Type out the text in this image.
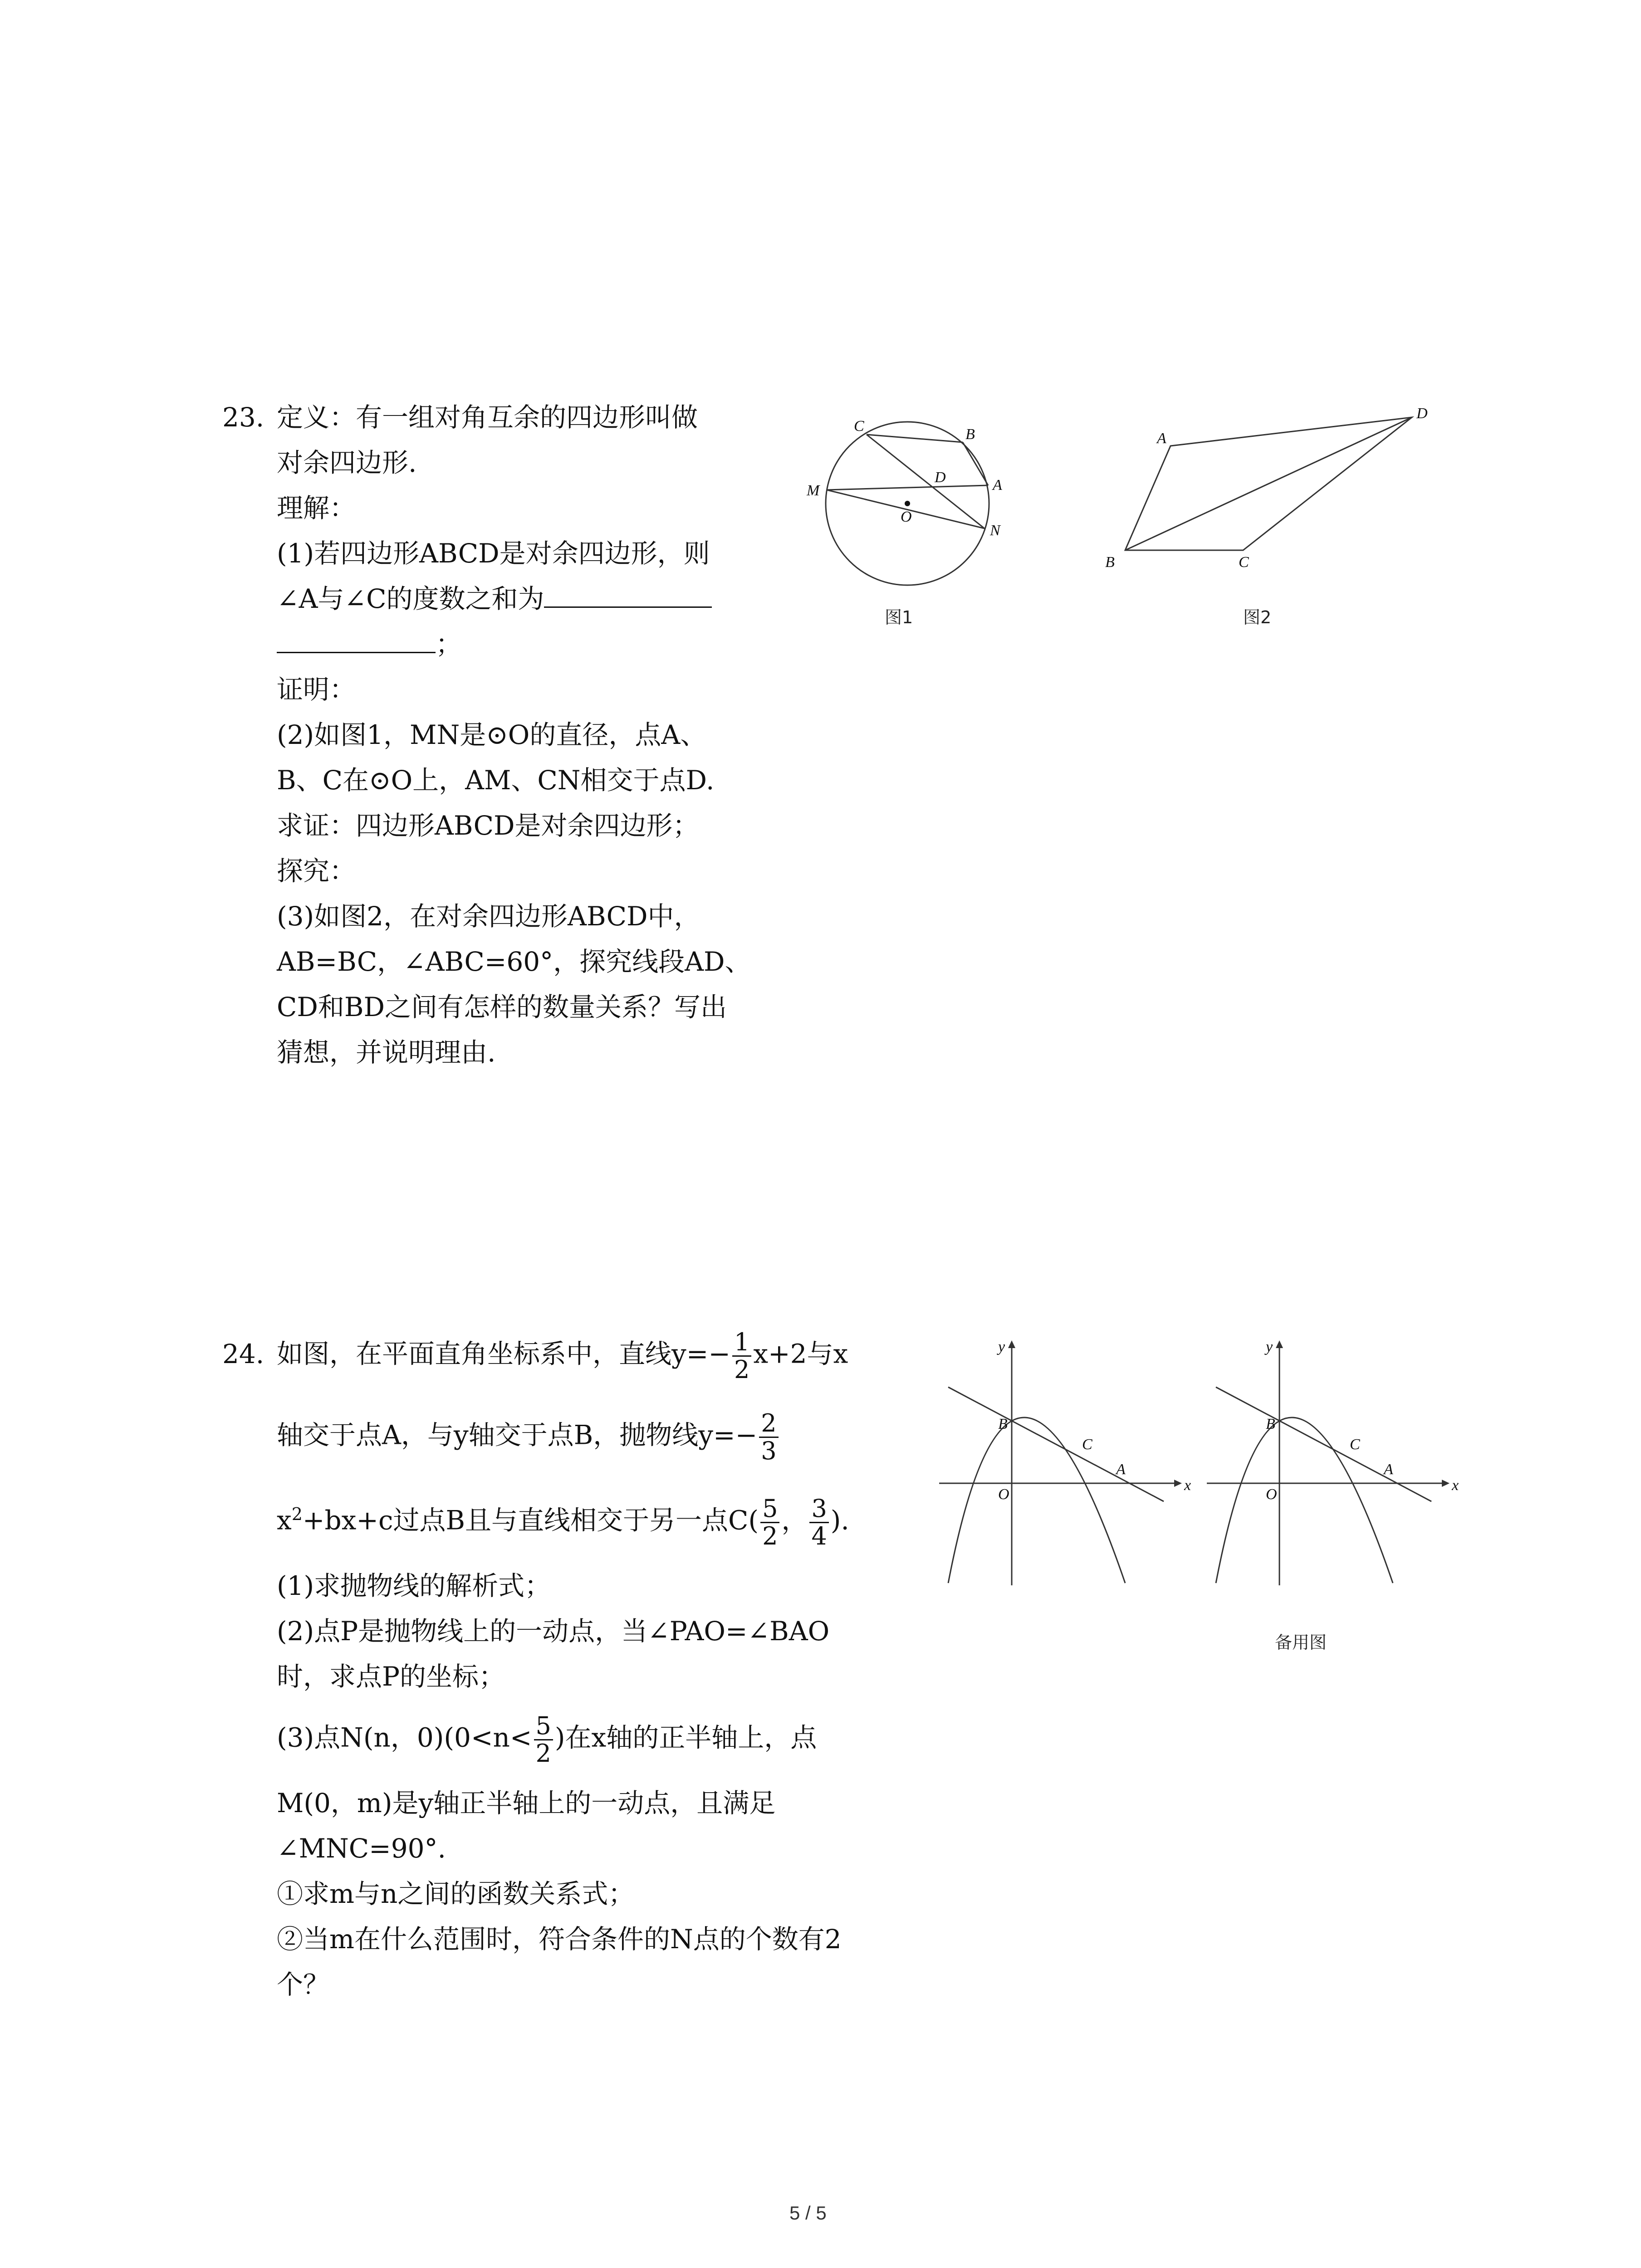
23. 定义：有一组对角互余的四边形叫做
对余四边形.
理解：
(1)若四边形ABCD是对余四边形，则
∠A与∠C的度数之和为
；
证明：
(2)如图1，MN是⊙O的直径，点A、
B、C在⊙O上，AM、CN相交于点D.
求证：四边形ABCD是对余四边形；
探究：
(3)如图2，在对余四边形ABCD中，
AB=BC，∠ABC=60°，探究线段AD、
CD和BD之间有怎样的数量关系？写出
猜想，并说明理由.
C	B
M
D	A
O
N
图1
A
D
B	C
图2
24. 如图，在平面直角坐标系中，直线$y=- \frac{1}{2} x+2$与x
轴交于点A，与y轴交于点B，抛物线$y=- \frac{2}{3}$
$x^2+bx+c$过点B且与直线相交于另一点$C( \frac{5}{2}$ ， $\frac{3}{4}$ ).
(1)求抛物线的解析式；
(2)点P是抛物线上的一动点，当∠PAO=∠BAO
时，求点P的坐标；
(3)点N(n，$0)(0<n< \frac{5}{2}$ )在x轴的正半轴上，点
M(0，m)是y轴正半轴上的一动点，且满足
∠MNC=90°.
①求m与n之间的函数关系式；
②当m在什么范围时，符合条件的N点的个数有2
个？
y
x
B
C
A
O
y
x
B
C
A
O
备用图
5 / 5
